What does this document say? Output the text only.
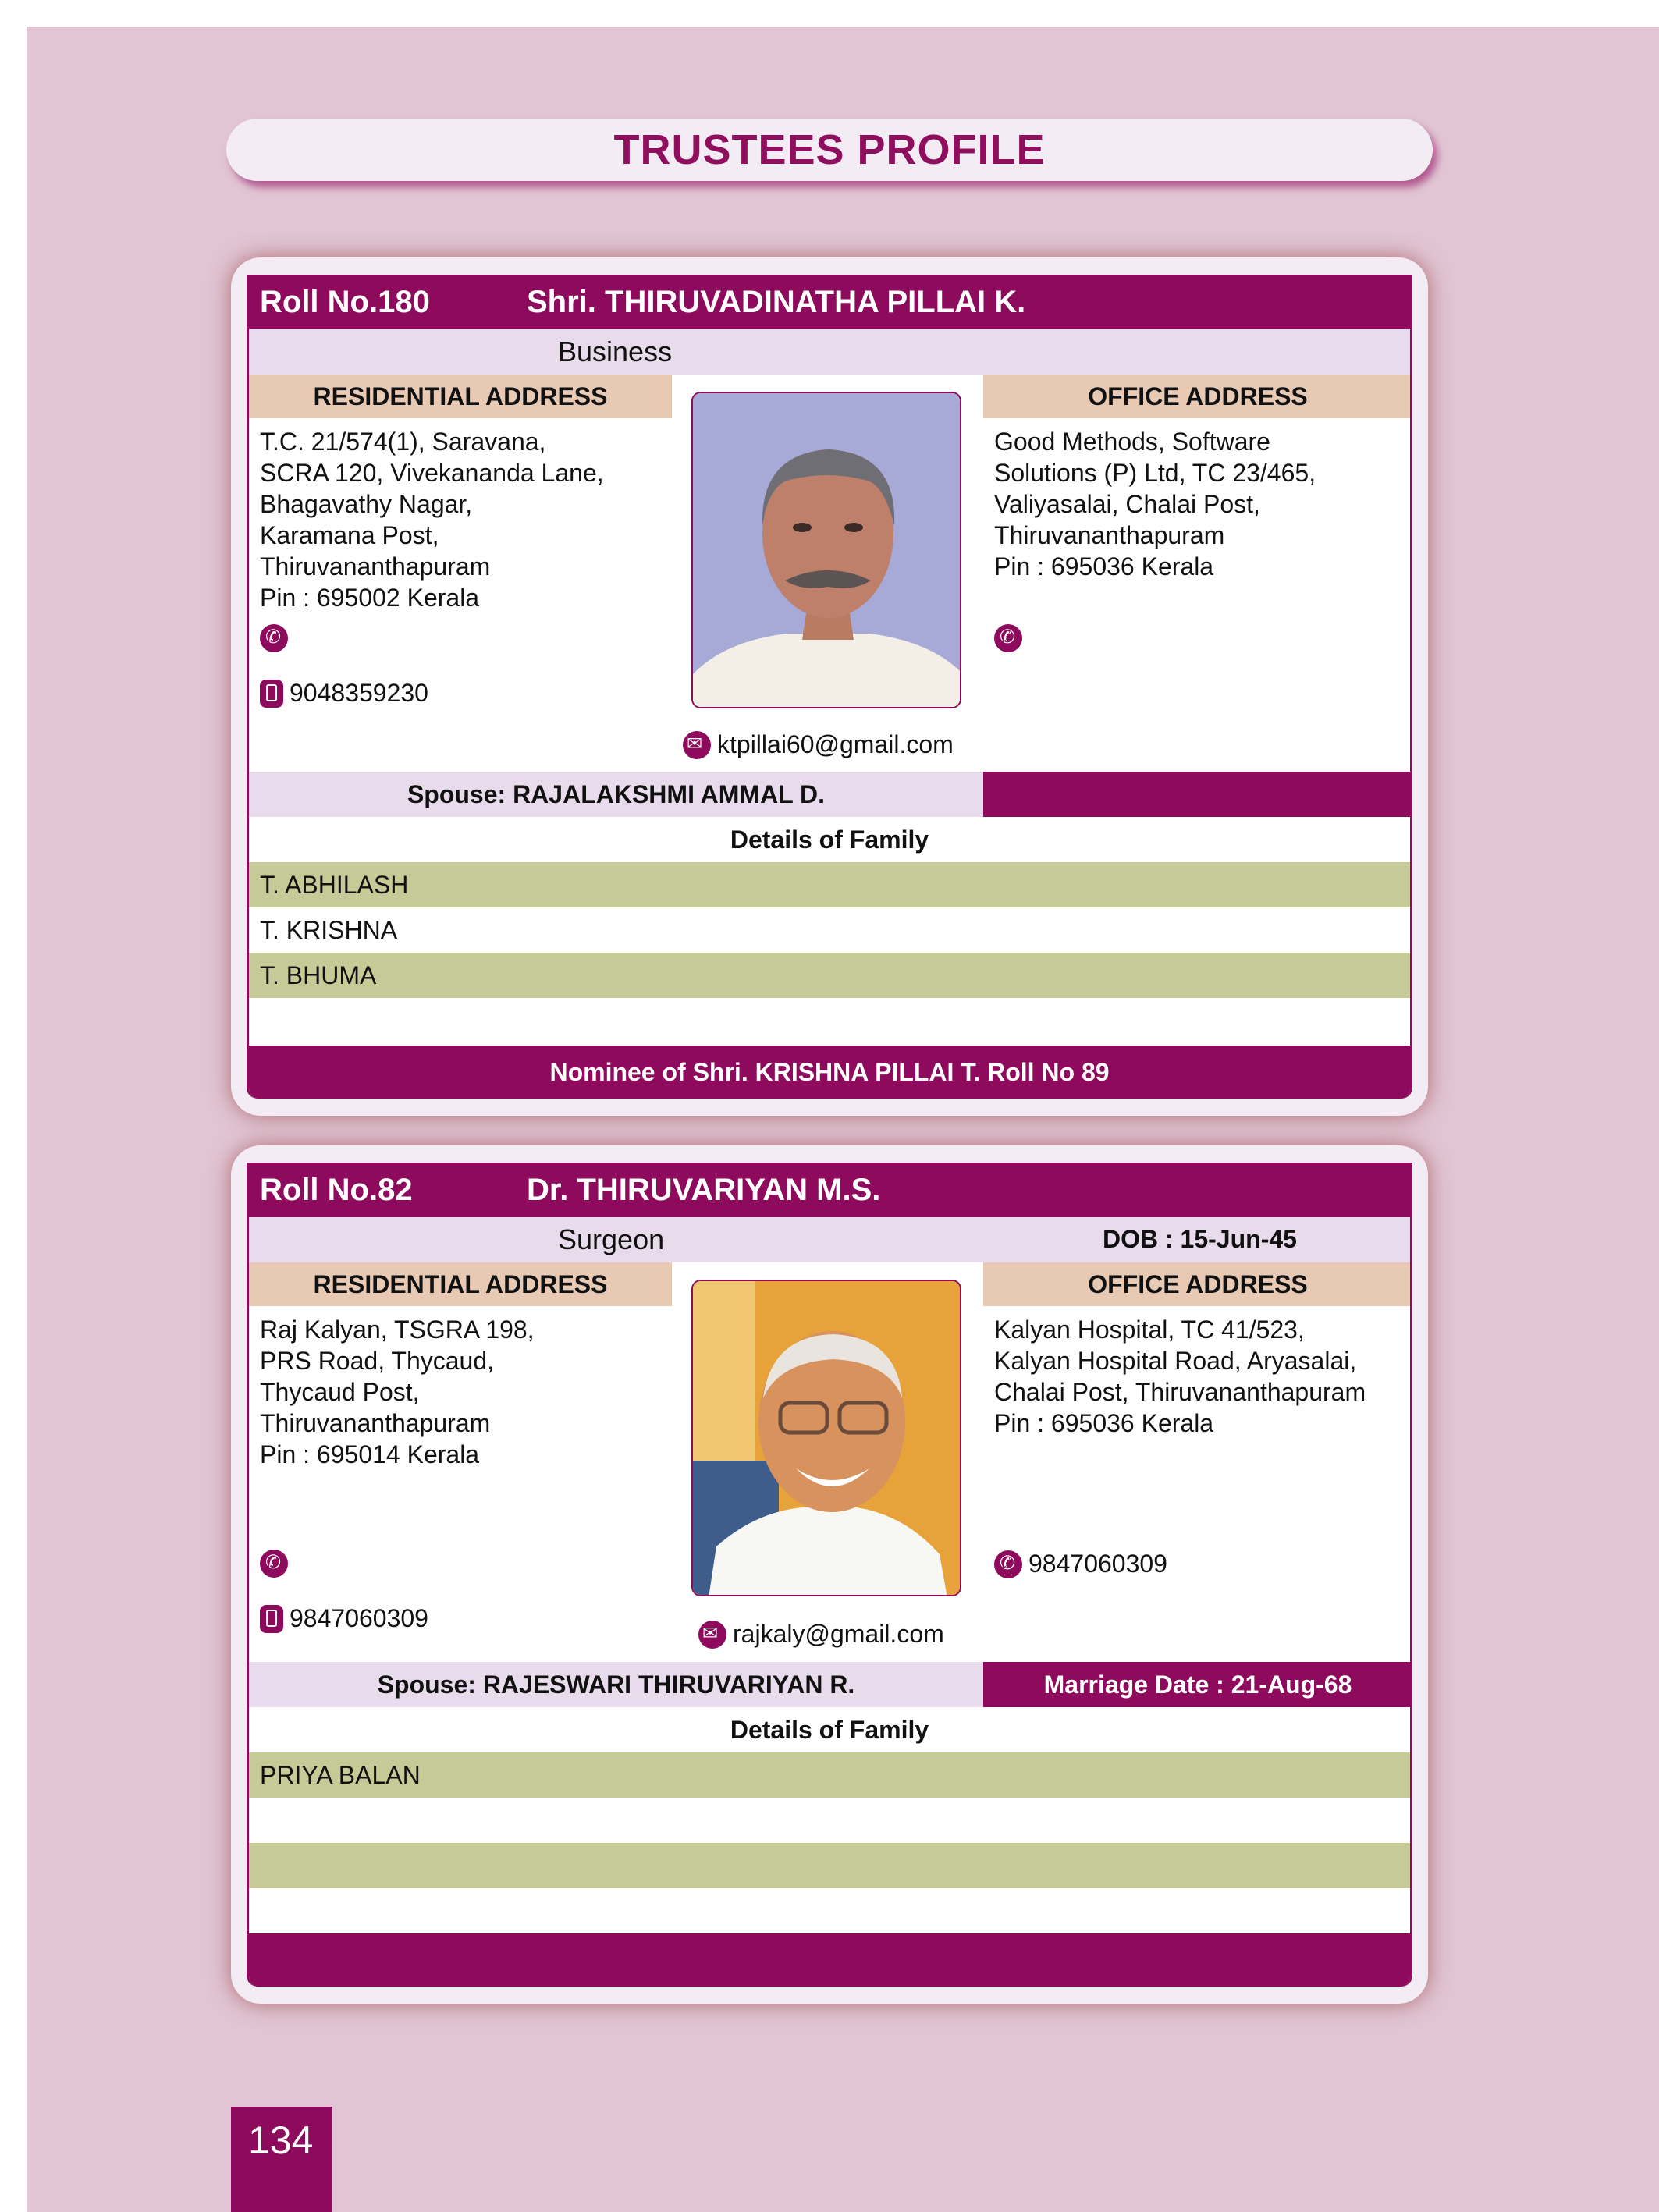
TRUSTEES PROFILE
Roll No.180	Shri. THIRUVADINATHA PILLAI K.
Business
RESIDENTIAL ADDRESS	OFFICE ADDRESS
T.C. 21/574(1), Saravana,
SCRA 120, Vivekananda Lane,
Bhagavathy Nagar,
Karamana Post,
Thiruvananthapuram
Pin : 695002 Kerala
Good Methods, Software
Solutions (P) Ltd, TC 23/465,
Valiyasalai, Chalai Post,
Thiruvananthapuram
Pin : 695036 Kerala
✆
9048359230
✆
✉
ktpillai60@gmail.com
Spouse: RAJALAKSHMI AMMAL D.
Details of Family
T. ABHILASH
T. KRISHNA
T. BHUMA
Nominee of Shri. KRISHNA PILLAI T. Roll No 89
Roll No.82	Dr. THIRUVARIYAN M.S.
Surgeon	DOB : 15-Jun-45
RESIDENTIAL ADDRESS	OFFICE ADDRESS
Raj Kalyan, TSGRA 198,
PRS Road, Thycaud,
Thycaud Post,
Thiruvananthapuram
Pin : 695014 Kerala
Kalyan Hospital, TC 41/523,
Kalyan Hospital Road, Aryasalai,
Chalai Post, Thiruvananthapuram
Pin : 695036 Kerala
✆
9847060309
✆
9847060309
✉
rajkaly@gmail.com
Spouse: RAJESWARI THIRUVARIYAN R.	Marriage Date : 21-Aug-68
Details of Family
PRIYA BALAN
134
